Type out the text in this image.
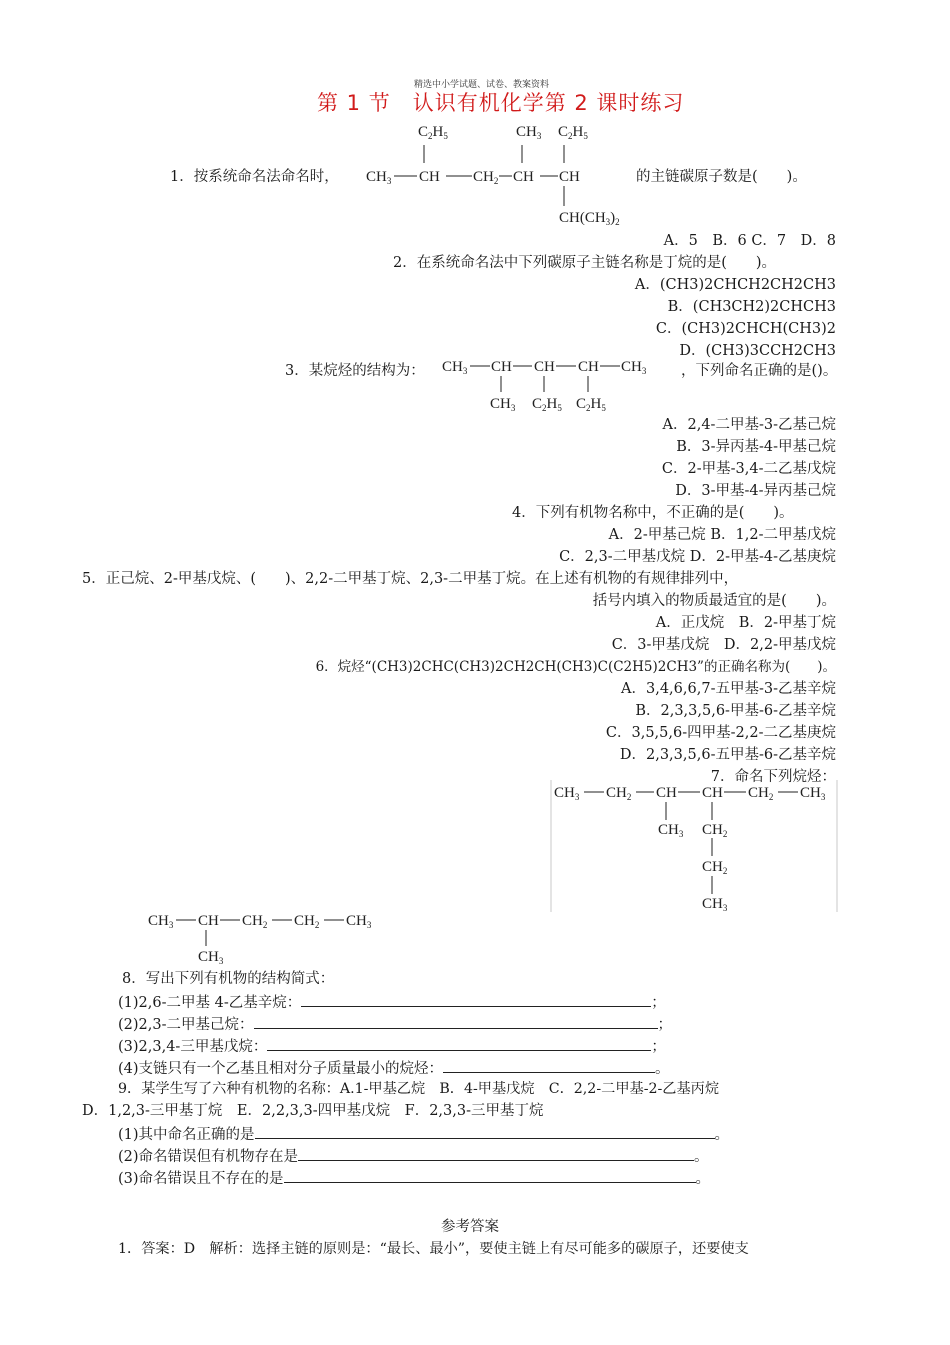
精选中小学试题、试卷、教案资料
第 1 节　认识有机化学第 2 课时练习
$C_2H_5$	$CH_3$ $C_2H_5$
$CH_3$ CH $CH_2$ CH CH
$CH(CH_3)_2$
1．按系统命名法命名时，	的主链碳原子数是(　　)。
A．5　B．6 C．7　D．8
2．在系统命名法中下列碳原子主链名称是丁烷的是(　　)。
A．(CH3)2CHCH2CH2CH3
B．(CH3CH2)2CHCH3
C．(CH3)2CHCH(CH3)2
D．(CH3)3CCH2CH3
3．某烷烃的结构为： $CH_3$ CH CH CH $CH_3$
$CH_3$ $C_2H_5$ $C_2H_5$
，下列命名正确的是()。
A．2,4-二甲基-3-乙基己烷
B．3-异丙基-4-甲基己烷
C．2-甲基-3,4-二乙基戊烷
D．3-甲基-4-异丙基己烷
4．下列有机物名称中，不正确的是(　　)。
A．2-甲基己烷 B．1,2-二甲基戊烷
C．2,3-二甲基戊烷 D．2-甲基-4-乙基庚烷
5．正己烷、2-甲基戊烷、(　　)、2,2-二甲基丁烷、2,3-二甲基丁烷。在上述有机物的有规律排列中，
括号内填入的物质最适宜的是(　　)。
A．正戊烷　B．2-甲基丁烷
C．3-甲基戊烷　D．2,2-甲基戊烷
6．烷烃“(CH3)2CHC(CH3)2CH2CH(CH3)C(C2H5)2CH3”的正确名称为(　　)。
A．3,4,6,6,7-五甲基-3-乙基辛烷
B．2,3,3,5,6-甲基-6-乙基辛烷
C．3,5,5,6-四甲基-2,2-二乙基庚烷
D．2,3,3,5,6-五甲基-6-乙基辛烷
7．命名下列烷烃：
$CH_3$ $CH_2$ CH CH $CH_2$ $CH_3$
$CH_3$ $CH_2$
$CH_2$
$CH_3$
$CH_3$ CH $CH_2$ $CH_2$ $CH_3$
$CH_3$
8．写出下列有机物的结构简式：
(1)2,6-二甲基 4-乙基辛烷：	；
(2)2,3-二甲基己烷：	；
(3)2,3,4-三甲基戊烷：	；
(4)支链只有一个乙基且相对分子质量最小的烷烃：	。
9．某学生写了六种有机物的名称：A.1-甲基乙烷　B．4-甲基戊烷　C．2,2-二甲基-2-乙基丙烷
D．1,2,3-三甲基丁烷　E．2,2,3,3-四甲基戊烷　F．2,3,3-三甲基丁烷
(1)其中命名正确的是	。
(2)命名错误但有机物存在是	。
(3)命名错误且不存在的是	。
参考答案
1．答案：D　解析：选择主链的原则是：“最长、最小”，要使主链上有尽可能多的碳原子，还要使支
